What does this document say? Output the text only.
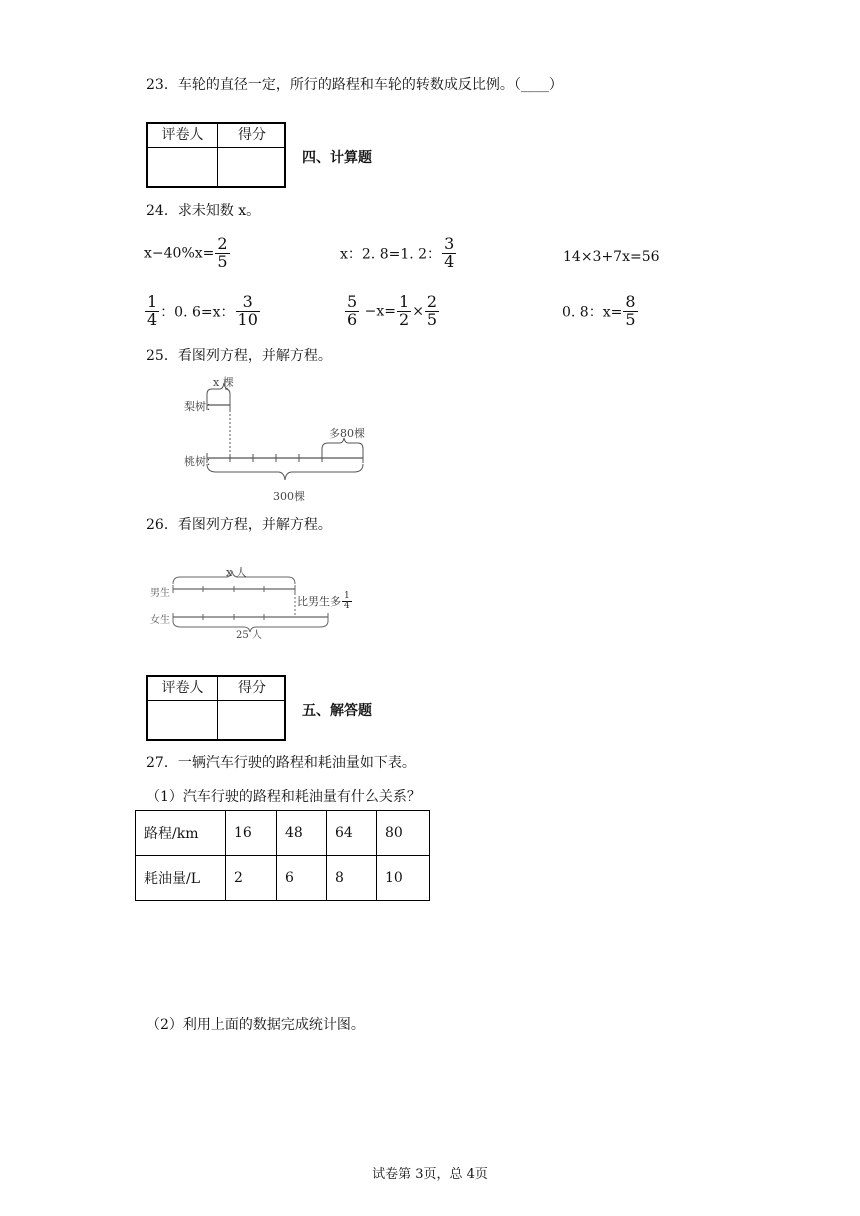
23．车轮的直径一定，所行的路程和车轮的转数成反比例。（____）
评卷人	得分
四、计算题
24．求未知数 x。
$x-40\%x= \frac{2}{5}$	x：2. 8=1. 2： $\frac{3}{4}$	14×3+7x=56
$\frac{1}{4}$ ：0. 6=x： $\frac{3}{10}$	$\frac{5}{6} -x= \frac{1}{2} \times \frac{2}{5}$	0. 8：$x= \frac{8}{5}$
25．看图列方程，并解方程。
梨树：
桃树：
x 棵
多80棵
300棵
26．看图列方程，并解方程。
男生
女生
x 人
比男生多 $\frac{1}{4}$
25 人
评卷人	得分
五、解答题
27．一辆汽车行驶的路程和耗油量如下表。
（1）汽车行驶的路程和耗油量有什么关系？
路程/km	16	48	64	80
耗油量/L	2	6	8	10
（2）利用上面的数据完成统计图。
试卷第 3页，总 4页
